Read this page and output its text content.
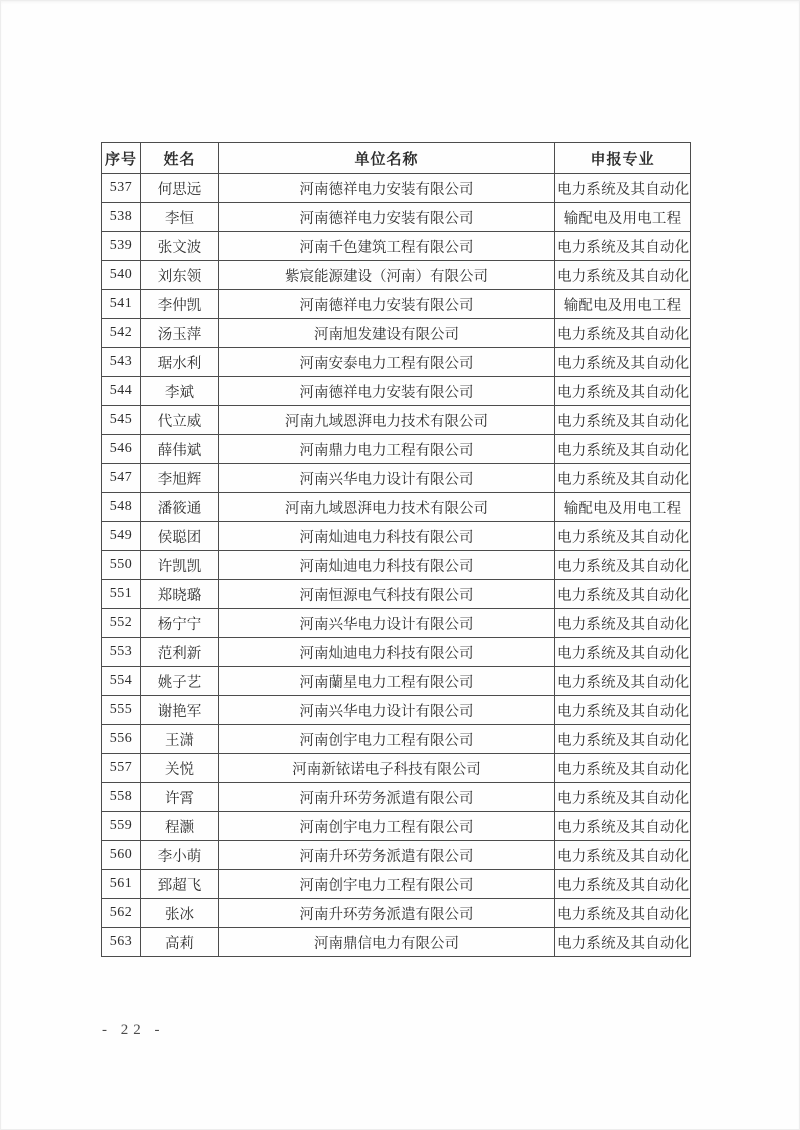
序号	姓名	单位名称	申报专业
537	何思远	河南德祥电力安装有限公司	电力系统及其自动化
538	李恒	河南德祥电力安装有限公司	输配电及用电工程
539	张文波	河南千色建筑工程有限公司	电力系统及其自动化
540	刘东领	紫宸能源建设（河南）有限公司	电力系统及其自动化
541	李仲凯	河南德祥电力安装有限公司	输配电及用电工程
542	汤玉萍	河南旭发建设有限公司	电力系统及其自动化
543	琚水利	河南安泰电力工程有限公司	电力系统及其自动化
544	李斌	河南德祥电力安装有限公司	电力系统及其自动化
545	代立威	河南九域恩湃电力技术有限公司	电力系统及其自动化
546	薛伟斌	河南鼎力电力工程有限公司	电力系统及其自动化
547	李旭辉	河南兴华电力设计有限公司	电力系统及其自动化
548	潘筱通	河南九域恩湃电力技术有限公司	输配电及用电工程
549	侯聪团	河南灿迪电力科技有限公司	电力系统及其自动化
550	许凯凯	河南灿迪电力科技有限公司	电力系统及其自动化
551	郑晓璐	河南恒源电气科技有限公司	电力系统及其自动化
552	杨宁宁	河南兴华电力设计有限公司	电力系统及其自动化
553	范利新	河南灿迪电力科技有限公司	电力系统及其自动化
554	姚子艺	河南蘭星电力工程有限公司	电力系统及其自动化
555	谢艳军	河南兴华电力设计有限公司	电力系统及其自动化
556	王潇	河南创宇电力工程有限公司	电力系统及其自动化
557	关悦	河南新铱诺电子科技有限公司	电力系统及其自动化
558	许霄	河南升环劳务派遣有限公司	电力系统及其自动化
559	程灏	河南创宇电力工程有限公司	电力系统及其自动化
560	李小萌	河南升环劳务派遣有限公司	电力系统及其自动化
561	郅超飞	河南创宇电力工程有限公司	电力系统及其自动化
562	张冰	河南升环劳务派遣有限公司	电力系统及其自动化
563	高莉	河南鼎信电力有限公司	电力系统及其自动化
- 22 -
